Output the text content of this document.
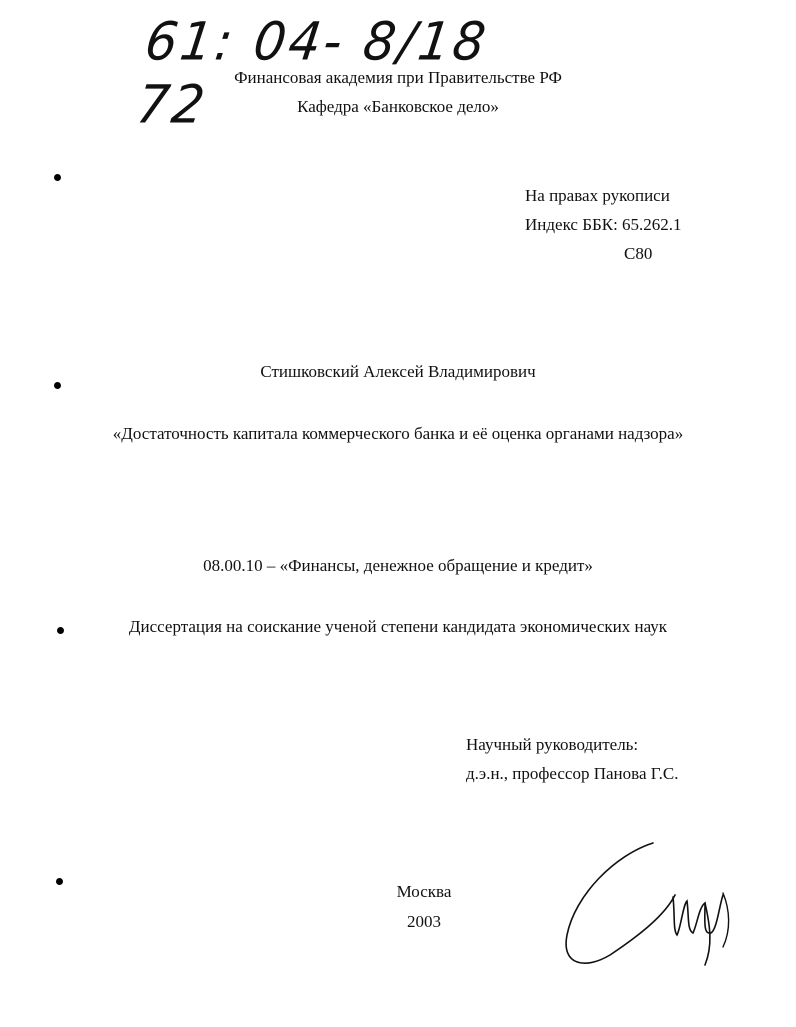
61: 04- 8/18 72	Финансовая академия при Правительстве РФ
Кафедра «Банковское дело»
На правах рукописи
Индекс ББК: 65.262.1
С80
Стишковский Алексей Владимирович
«Достаточность капитала коммерческого банка и её оценка органами надзора»
08.00.10 – «Финансы, денежное обращение и кредит»
Диссертация на соискание ученой степени кандидата экономических наук
Научный руководитель:
д.э.н., профессор Панова Г.С.
Москва
2003
